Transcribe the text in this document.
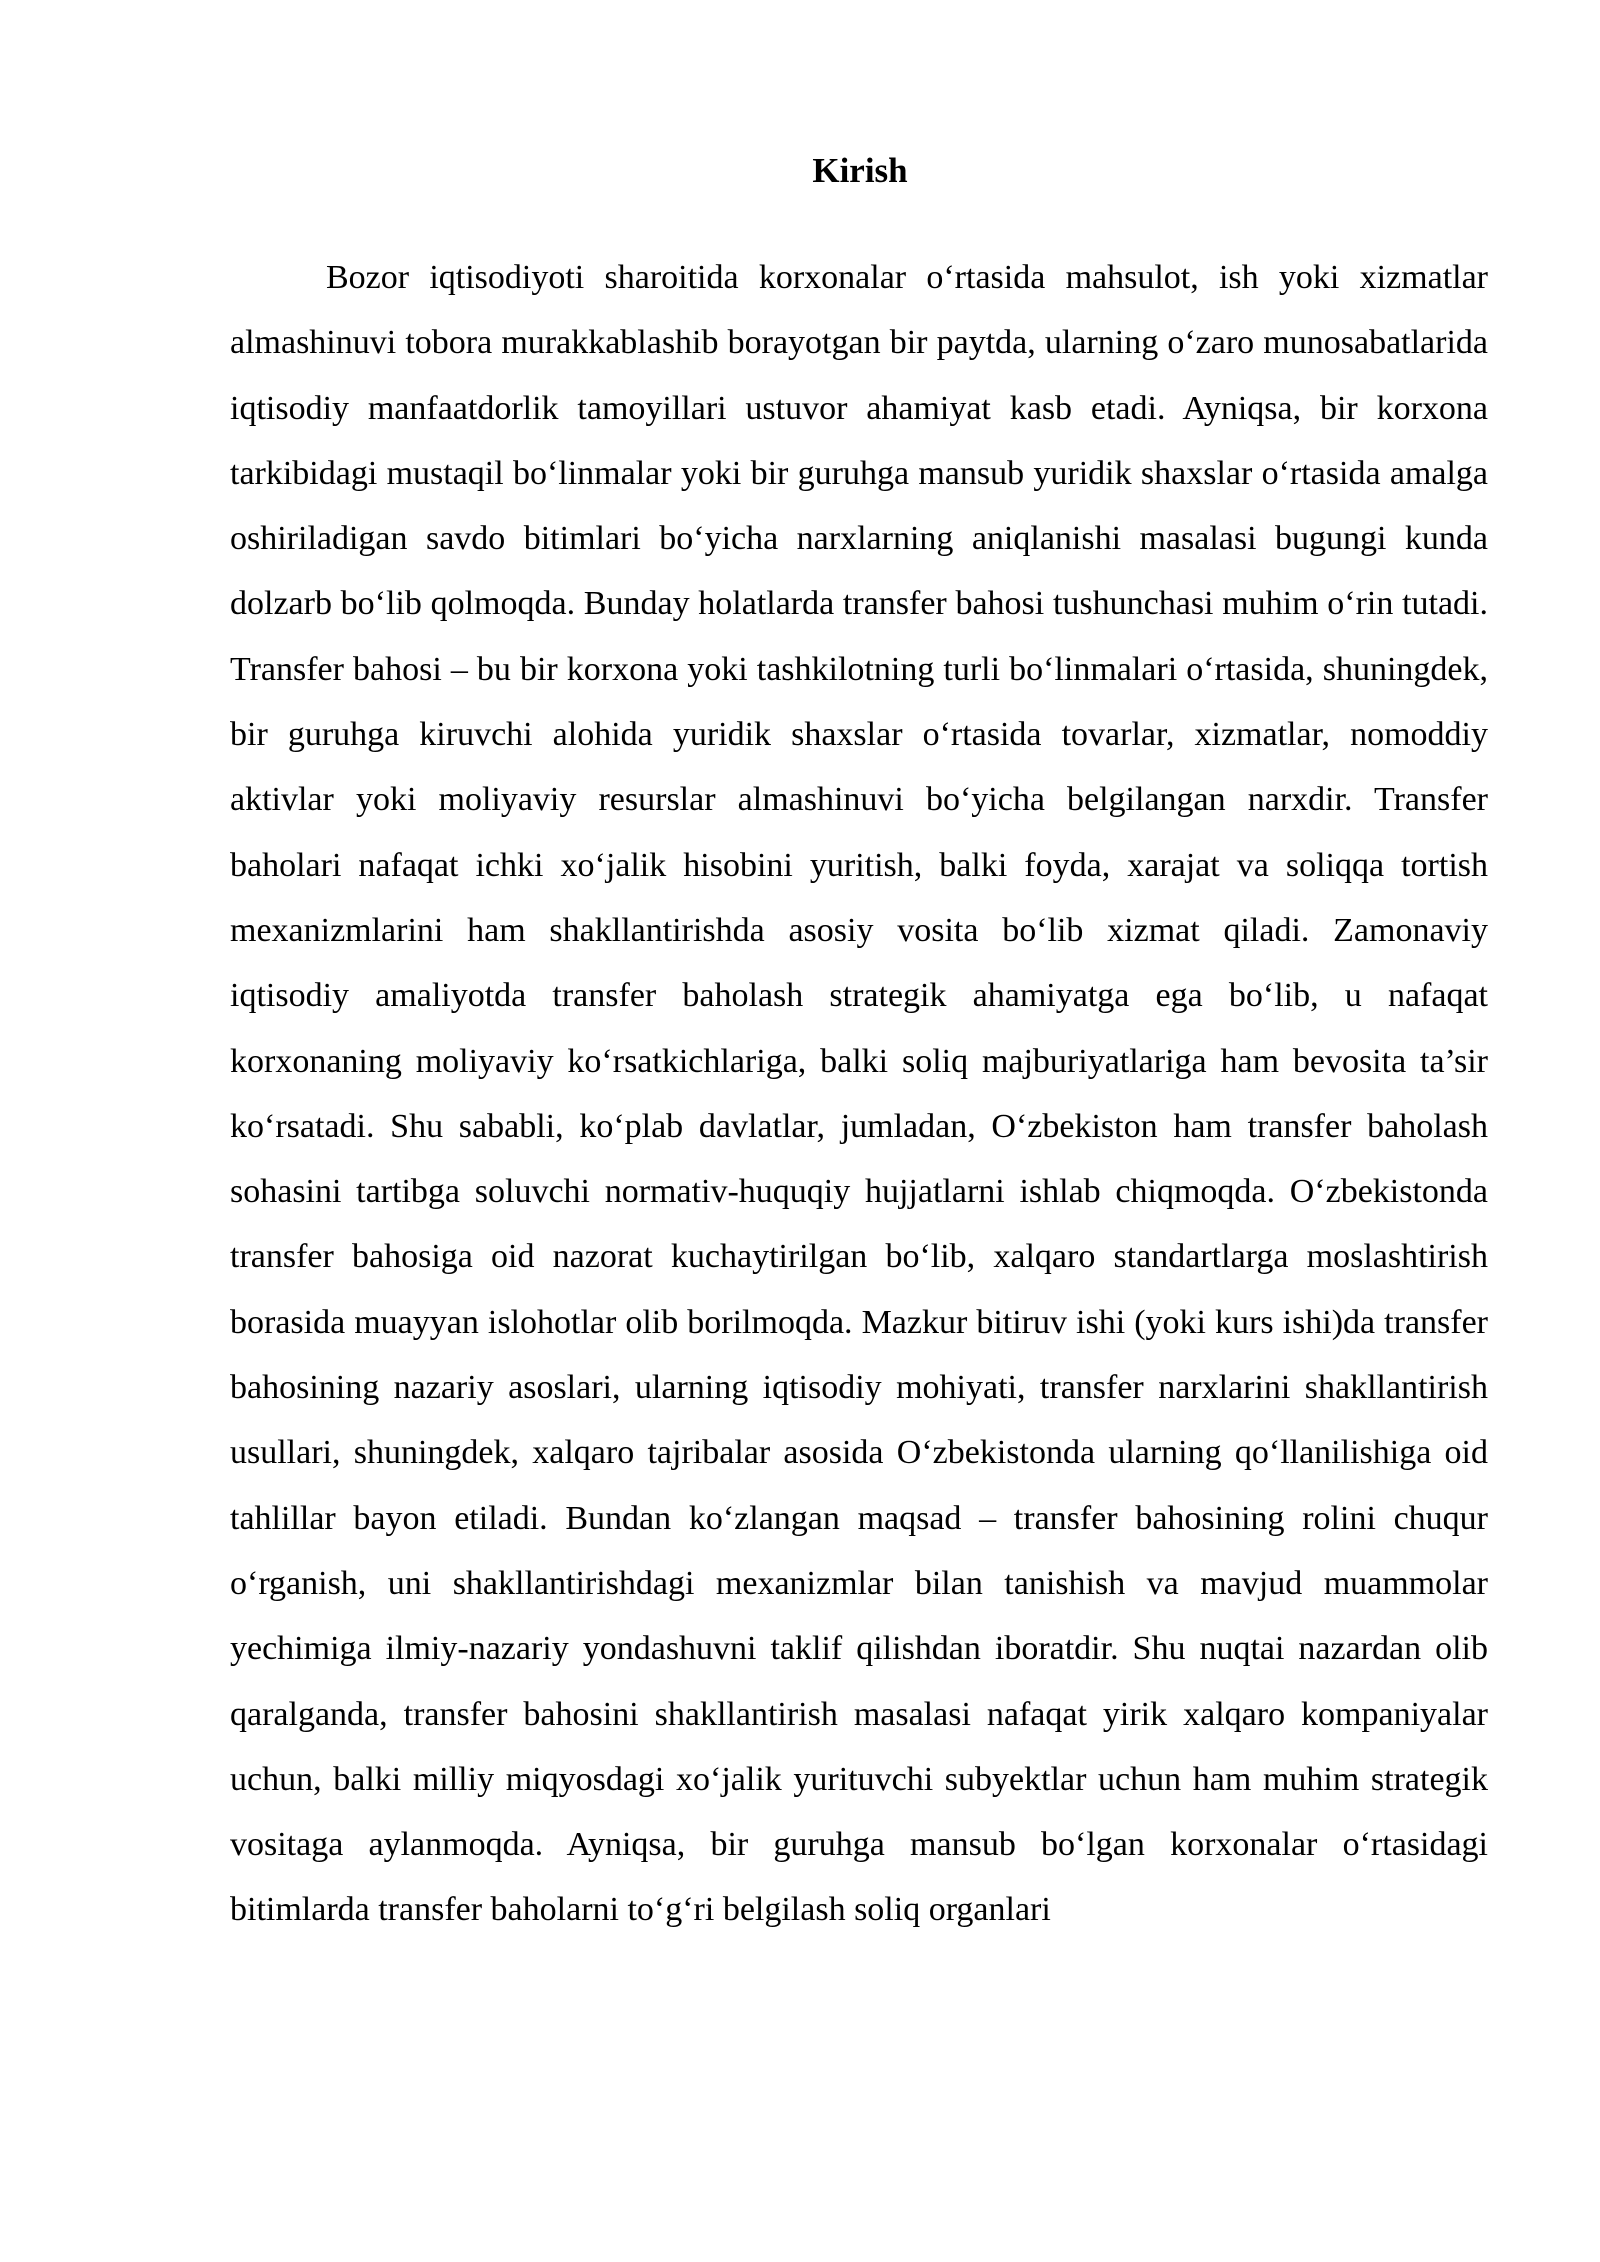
Kirish

Bozor iqtisodiyoti sharoitida korxonalar o‘rtasida mahsulot, ish yoki xizmatlar almashinuvi tobora murakkablashib borayotgan bir paytda, ularning o‘zaro munosabatlarida iqtisodiy manfaatdorlik tamoyillari ustuvor ahamiyat kasb etadi. Ayniqsa, bir korxona tarkibidagi mustaqil bo‘linmalar yoki bir guruhga mansub yuridik shaxslar o‘rtasida amalga oshiriladigan savdo bitimlari bo‘yicha narxlarning aniqlanishi masalasi bugungi kunda dolzarb bo‘lib qolmoqda. Bunday holatlarda transfer bahosi tushunchasi muhim o‘rin tutadi. Transfer bahosi – bu bir korxona yoki tashkilotning turli bo‘linmalari o‘rtasida, shuningdek, bir guruhga kiruvchi alohida yuridik shaxslar o‘rtasida tovarlar, xizmatlar, nomoddiy aktivlar yoki moliyaviy resurslar almashinuvi bo‘yicha belgilangan narxdir. Transfer baholari nafaqat ichki xo‘jalik hisobini yuritish, balki foyda, xarajat va soliqqa tortish mexanizmlarini ham shakllantirishda asosiy vosita bo‘lib xizmat qiladi. Zamonaviy iqtisodiy amaliyotda transfer baholash strategik ahamiyatga ega bo‘lib, u nafaqat korxonaning moliyaviy ko‘rsatkichlariga, balki soliq majburiyatlariga ham bevosita ta’sir ko‘rsatadi. Shu sababli, ko‘plab davlatlar, jumladan, O‘zbekiston ham transfer baholash sohasini tartibga soluvchi normativ-huquqiy hujjatlarni ishlab chiqmoqda. O‘zbekistonda transfer bahosiga oid nazorat kuchaytirilgan bo‘lib, xalqaro standartlarga moslashtirish borasida muayyan islohotlar olib borilmoqda. Mazkur bitiruv ishi (yoki kurs ishi)da transfer bahosining nazariy asoslari, ularning iqtisodiy mohiyati, transfer narxlarini shakllantirish usullari, shuningdek, xalqaro tajribalar asosida O‘zbekistonda ularning qo‘llanilishiga oid tahlillar bayon etiladi. Bundan ko‘zlangan maqsad – transfer bahosining rolini chuqur o‘rganish, uni shakllantirishdagi mexanizmlar bilan tanishish va mavjud muammolar yechimiga ilmiy-nazariy yondashuvni taklif qilishdan iboratdir. Shu nuqtai nazardan olib qaralganda, transfer bahosini shakllantirish masalasi nafaqat yirik xalqaro kompaniyalar uchun, balki milliy miqyosdagi xo‘jalik yurituvchi subyektlar uchun ham muhim strategik vositaga aylanmoqda. Ayniqsa, bir guruhga mansub bo‘lgan korxonalar o‘rtasidagi bitimlarda transfer baholarni to‘g‘ri belgilash soliq organlari
